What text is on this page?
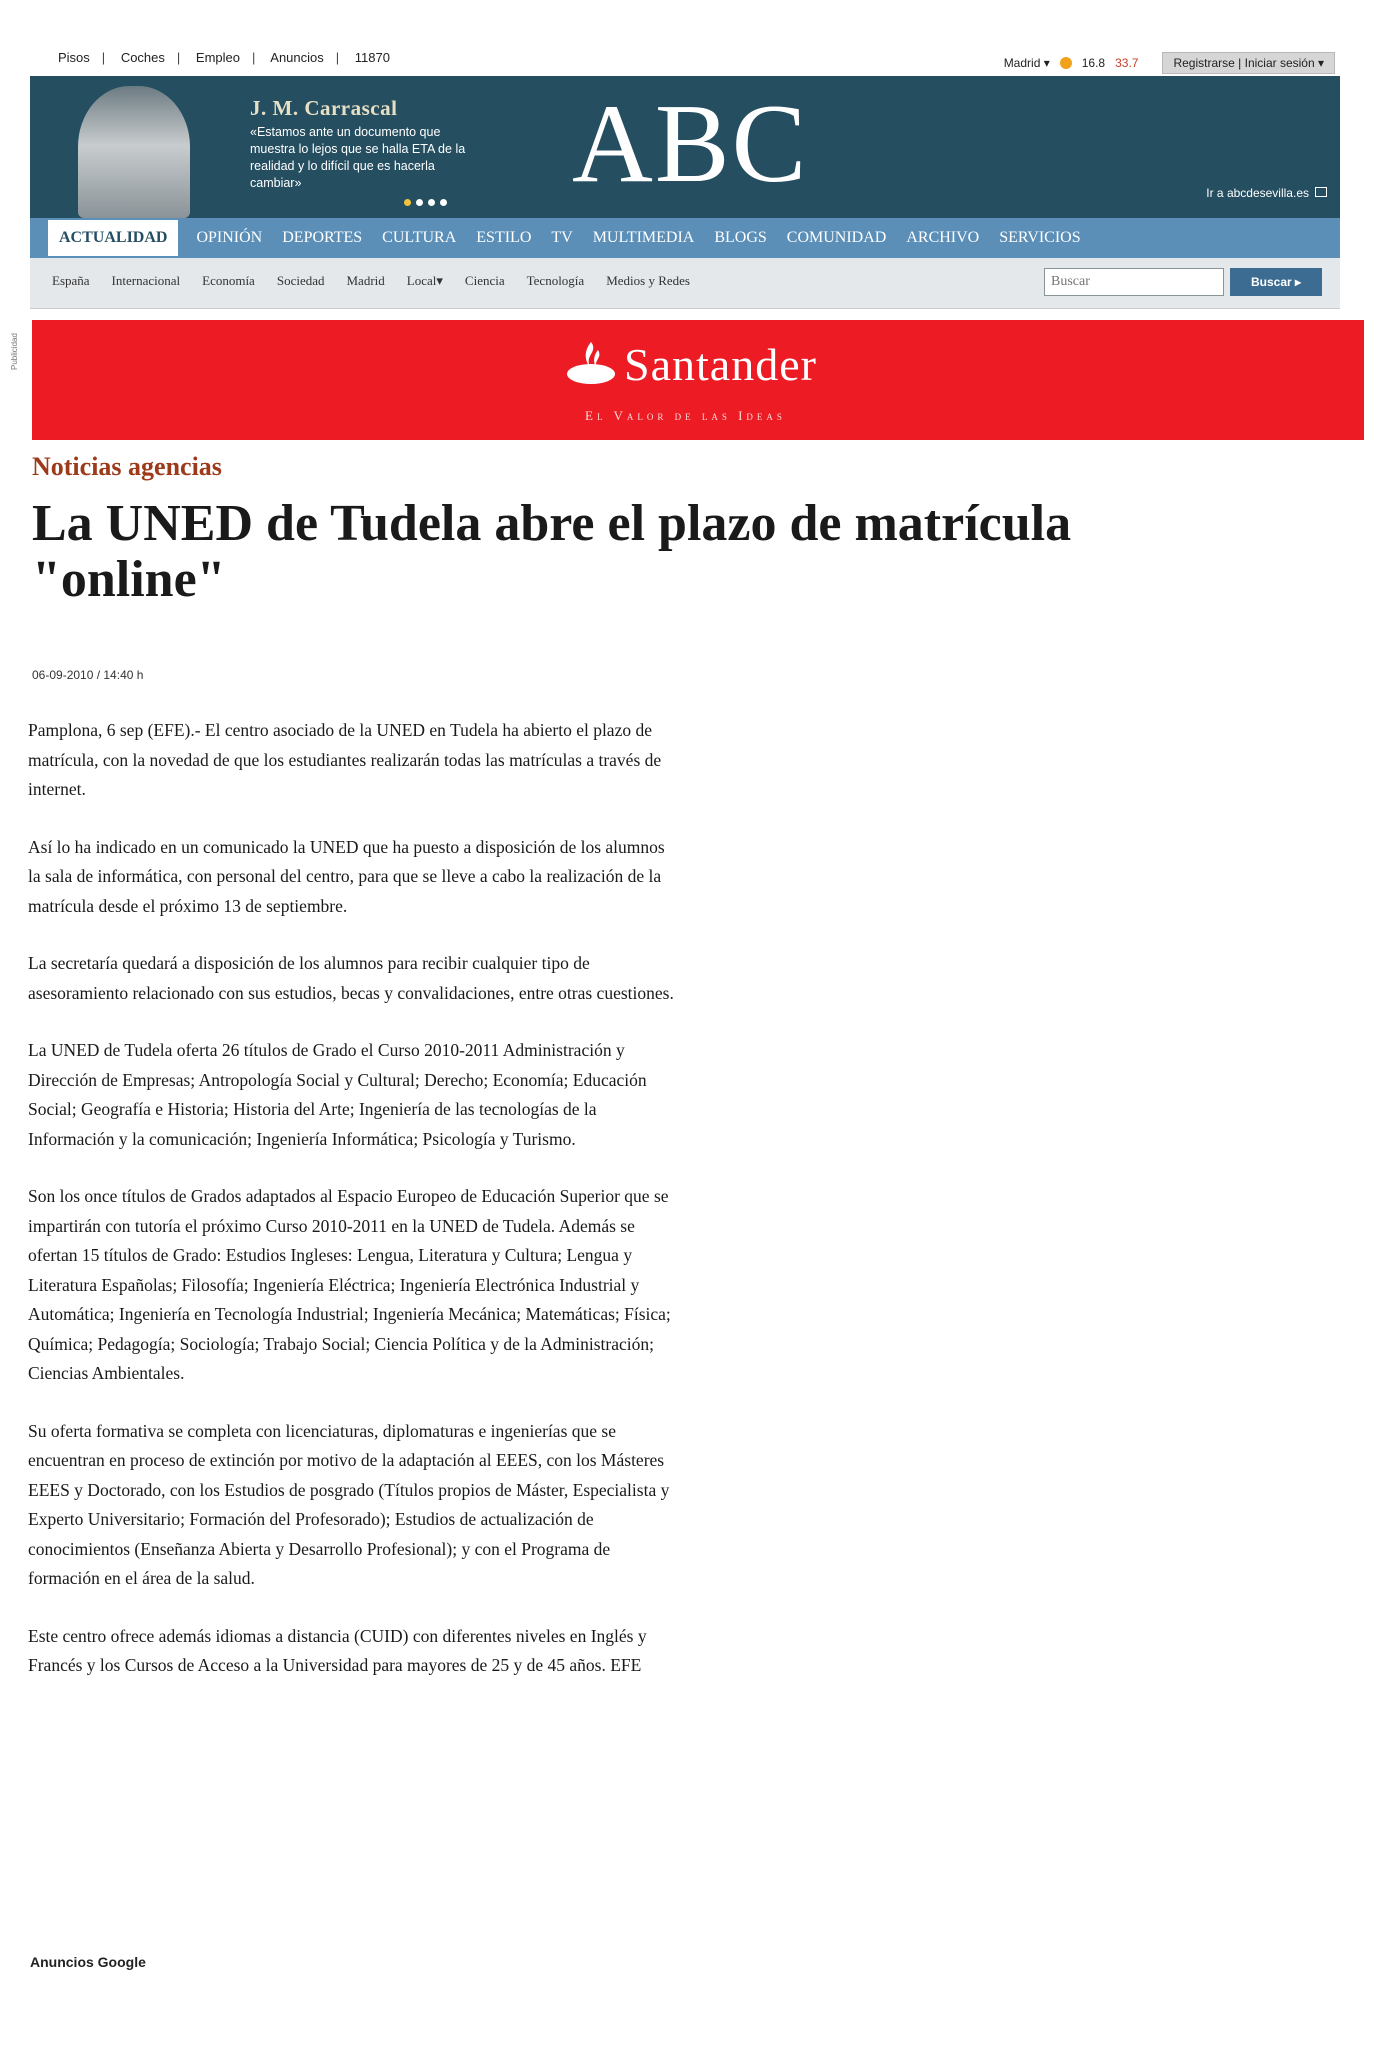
Pisos | Coches | Empleo | Anuncios | 11870	Madrid ▾	16.8 33.7	Registrarse | Iniciar sesión ▾
J. M. Carrascal
«Estamos ante un documento que muestra lo lejos que se halla ETA de la realidad y lo difícil que es hacerla cambiar»	ABC	Ir a abcdesevilla.es
ACTUALIDAD	OPINIÓN	DEPORTES	CULTURA	ESTILO	TV	MULTIMEDIA	BLOGS	COMUNIDAD	ARCHIVO	SERVICIOS
España Internacional Economía Sociedad Madrid Local▾ Ciencia Tecnología Medios y Redes
Buscar	Buscar ▸
Publicidad	Santander
El Valor de las Ideas
Noticias agencias
La UNED de Tudela abre el plazo de matrícula "online"
06-09-2010 / 14:40 h

Pamplona, 6 sep (EFE).- El centro asociado de la UNED en Tudela ha abierto el plazo de matrícula, con la novedad de que los estudiantes realizarán todas las matrículas a través de internet.

Así lo ha indicado en un comunicado la UNED que ha puesto a disposición de los alumnos la sala de informática, con personal del centro, para que se lleve a cabo la realización de la matrícula desde el próximo 13 de septiembre.

La secretaría quedará a disposición de los alumnos para recibir cualquier tipo de asesoramiento relacionado con sus estudios, becas y convalidaciones, entre otras cuestiones.

La UNED de Tudela oferta 26 títulos de Grado el Curso 2010-2011 Administración y Dirección de Empresas; Antropología Social y Cultural; Derecho; Economía; Educación Social; Geografía e Historia; Historia del Arte; Ingeniería de las tecnologías de la Información y la comunicación; Ingeniería Informática; Psicología y Turismo.

Son los once títulos de Grados adaptados al Espacio Europeo de Educación Superior que se impartirán con tutoría el próximo Curso 2010-2011 en la UNED de Tudela. Además se ofertan 15 títulos de Grado: Estudios Ingleses: Lengua, Literatura y Cultura; Lengua y Literatura Españolas; Filosofía; Ingeniería Eléctrica; Ingeniería Electrónica Industrial y Automática; Ingeniería en Tecnología Industrial; Ingeniería Mecánica; Matemáticas; Física; Química; Pedagogía; Sociología; Trabajo Social; Ciencia Política y de la Administración; Ciencias Ambientales.

Su oferta formativa se completa con licenciaturas, diplomaturas e ingenierías que se encuentran en proceso de extinción por motivo de la adaptación al EEES, con los Másteres EEES y Doctorado, con los Estudios de posgrado (Títulos propios de Máster, Especialista y Experto Universitario; Formación del Profesorado); Estudios de actualización de conocimientos (Enseñanza Abierta y Desarrollo Profesional); y con el Programa de formación en el área de la salud.

Este centro ofrece además idiomas a distancia (CUID) con diferentes niveles en Inglés y Francés y los Cursos de Acceso a la Universidad para mayores de 25 y de 45 años. EFE

Anuncios Google
